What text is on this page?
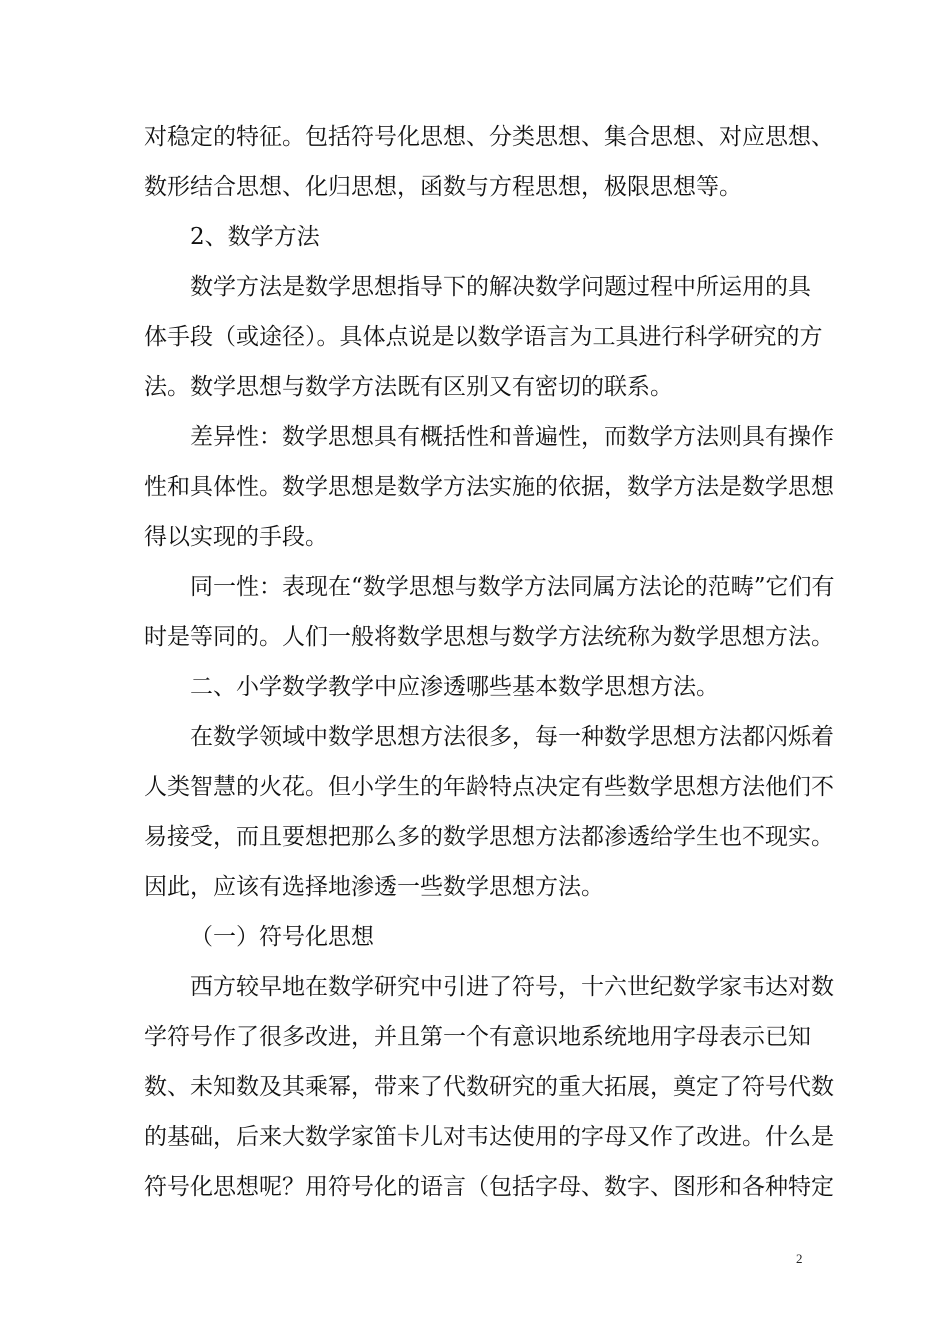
对稳定的特征。包括符号化思想、分类思想、集合思想、对应思想、
数形结合思想、化归思想，函数与方程思想，极限思想等。
2、数学方法
数学方法是数学思想指导下的解决数学问题过程中所运用的具
体手段（或途径）。具体点说是以数学语言为工具进行科学研究的方
法。数学思想与数学方法既有区别又有密切的联系。
差异性：数学思想具有概括性和普遍性，而数学方法则具有操作
性和具体性。数学思想是数学方法实施的依据，数学方法是数学思想
得以实现的手段。
同一性：表现在“数学思想与数学方法同属方法论的范畴”它们有
时是等同的。人们一般将数学思想与数学方法统称为数学思想方法。
二、小学数学教学中应渗透哪些基本数学思想方法。
在数学领域中数学思想方法很多，每一种数学思想方法都闪烁着
人类智慧的火花。但小学生的年龄特点决定有些数学思想方法他们不
易接受，而且要想把那么多的数学思想方法都渗透给学生也不现实。
因此，应该有选择地渗透一些数学思想方法。
（一）符号化思想
西方较早地在数学研究中引进了符号，十六世纪数学家韦达对数
学符号作了很多改进，并且第一个有意识地系统地用字母表示已知
数、未知数及其乘幂，带来了代数研究的重大拓展，奠定了符号代数
的基础，后来大数学家笛卡儿对韦达使用的字母又作了改进。什么是
符号化思想呢？用符号化的语言（包括字母、数字、图形和各种特定
2
